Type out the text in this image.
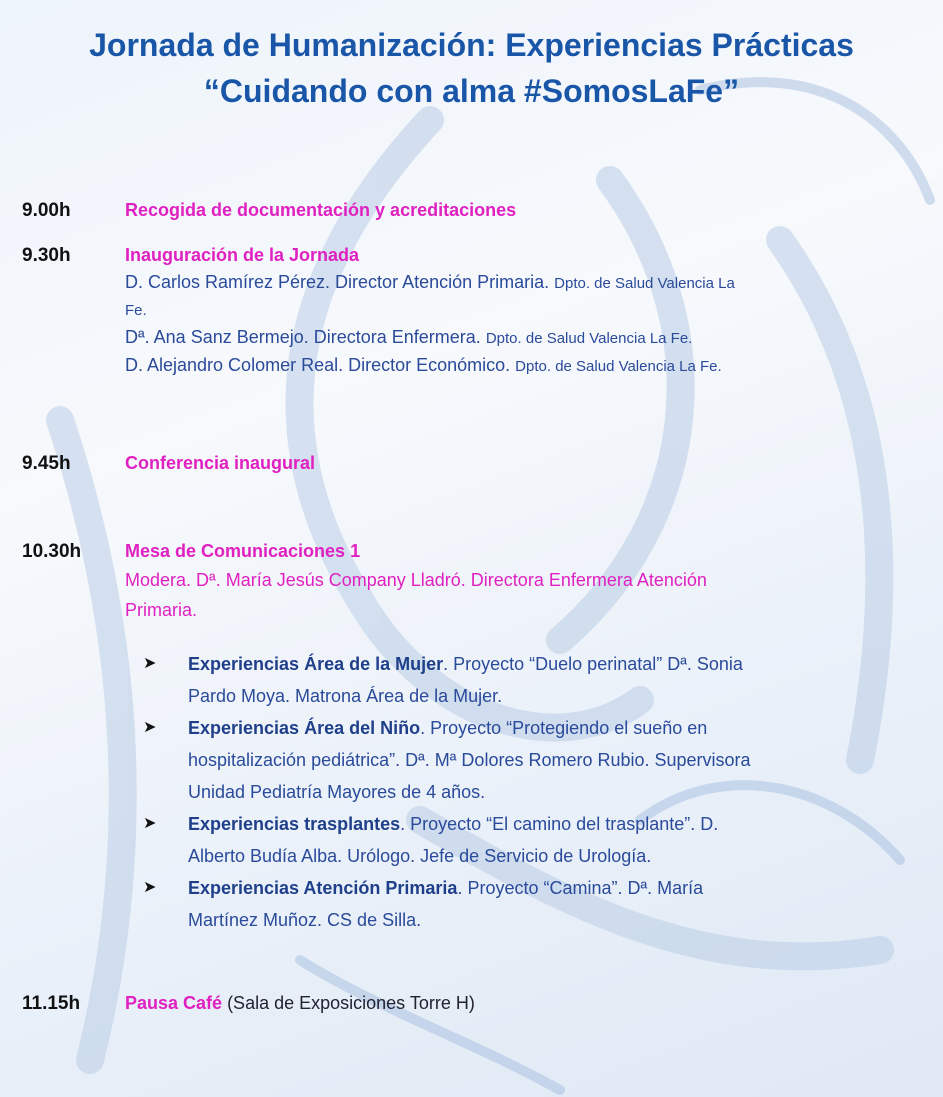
Jornada de Humanización: Experiencias Prácticas
“Cuidando con alma #SomosLaFe”
9.00h	Recogida de documentación y acreditaciones
9.30h	Inauguración de la Jornada
D. Carlos Ramírez Pérez. Director Atención Primaria. Dpto. de Salud Valencia La
Fe.
Dª. Ana Sanz Bermejo. Directora Enfermera. Dpto. de Salud Valencia La Fe.
D. Alejandro Colomer Real. Director Económico. Dpto. de Salud Valencia La Fe.
9.45h	Conferencia inaugural
10.30h Mesa de Comunicaciones 1
Modera. Dª. María Jesús Company Lladró. Directora Enfermera Atención
Primaria.
➤	Experiencias Área de la Mujer. Proyecto “Duelo perinatal” Dª. Sonia
Pardo Moya. Matrona Área de la Mujer.
➤	Experiencias Área del Niño. Proyecto “Protegiendo el sueño en
hospitalización pediátrica”. Dª. Mª Dolores Romero Rubio. Supervisora
Unidad Pediatría Mayores de 4 años.
➤	Experiencias trasplantes. Proyecto “El camino del trasplante”. D.
Alberto Budía Alba. Urólogo. Jefe de Servicio de Urología.
➤	Experiencias Atención Primaria. Proyecto “Camina”. Dª. María
Martínez Muñoz. CS de Silla.
11.15h Pausa Café (Sala de Exposiciones Torre H)
